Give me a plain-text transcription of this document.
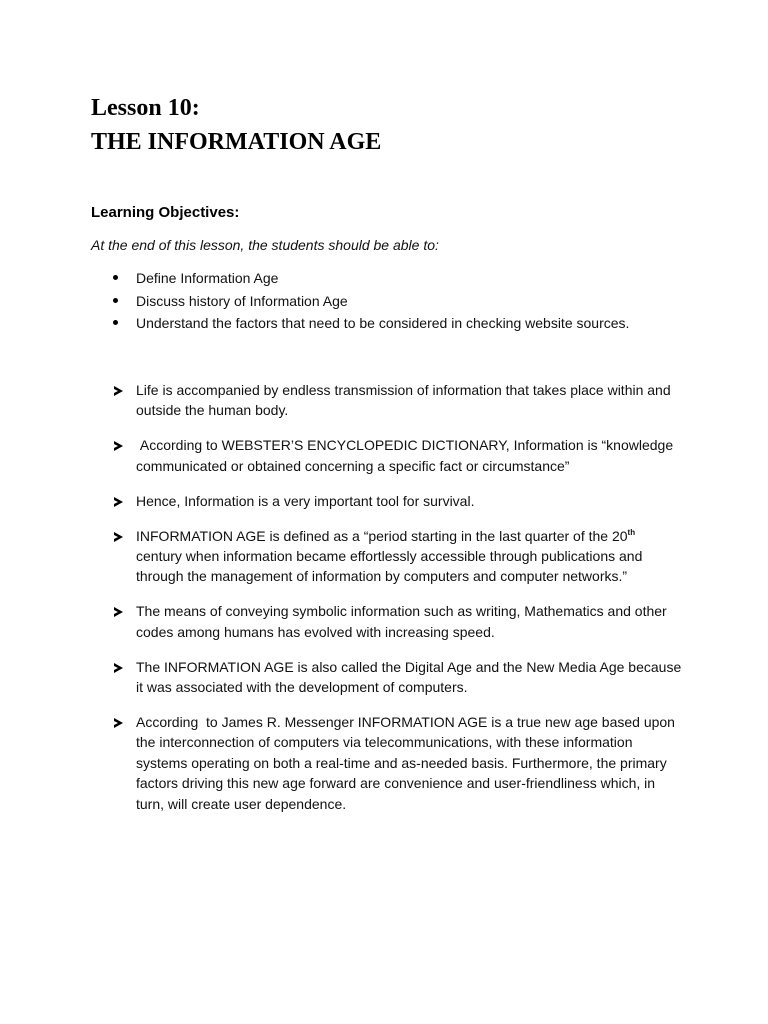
Lesson 10:
THE INFORMATION AGE
Learning Objectives:

At the end of this lesson, the students should be able to:

Define Information Age
Discuss history of Information Age
Understand the factors that need to be considered in checking website sources.
Life is accompanied by endless transmission of information that takes place within and outside the human body.
According to WEBSTER’S ENCYCLOPEDIC DICTIONARY, Information is “knowledge communicated or obtained concerning a specific fact or circumstance”
Hence, Information is a very important tool for survival.
INFORMATION AGE is defined as a “period starting in the last quarter of the 20th century when information became effortlessly accessible through publications and through the management of information by computers and computer networks.”
The means of conveying symbolic information such as writing, Mathematics and other codes among humans has evolved with increasing speed.
The INFORMATION AGE is also called the Digital Age and the New Media Age because it was associated with the development of computers.
According  to James R. Messenger INFORMATION AGE is a true new age based upon the interconnection of computers via telecommunications, with these information systems operating on both a real-time and as-needed basis. Furthermore, the primary factors driving this new age forward are convenience and user-friendliness which, in turn, will create user dependence.
